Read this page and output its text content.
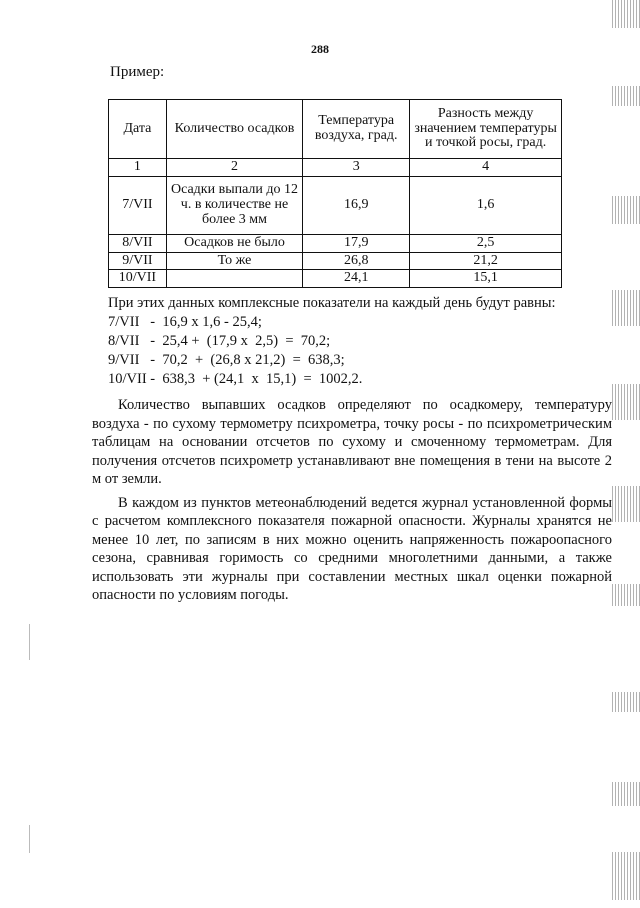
288
Пример:
Дата	Количество осадков	Температура воздуха, град.	Разность между значением температуры и точкой росы, град.
1	2	3	4
7/VII	Осадки выпали до 12 ч. в количестве не более 3 мм	16,9	1,6
8/VII	Осадков не было	17,9	2,5
9/VII	То же	26,8	21,2
10/VII		24,1	15,1

При этих данных комплексные показатели на каждый день будут равны:

7/VII   -  16,9 х 1,6 - 25,4;

8/VII   -  25,4 +  (17,9 х  2,5)  =  70,2;

9/VII   -  70,2  +  (26,8 х 21,2)  =  638,3;

10/VII -  638,3  + (24,1  х  15,1)  =  1002,2.

Количество выпавших осадков определяют по осадкомеру, температуру воздуха - по сухому термометру психрометра, точку росы - по психрометрическим таблицам на основании отсчетов по сухому и смоченному термометрам. Для получения отсчетов психрометр устанавливают вне помещения в тени на высоте 2 м от земли.

В каждом из пунктов метеонаблюдений ведется журнал установленной формы с расчетом комплексного показателя пожарной опасности. Журналы хранятся не менее 10 лет, по записям в них можно оценить напряженность пожароопасного сезона, сравнивая горимость со средними многолетними данными, а также использовать эти журналы при составлении местных шкал оценки пожарной опасности по условиям погоды.
